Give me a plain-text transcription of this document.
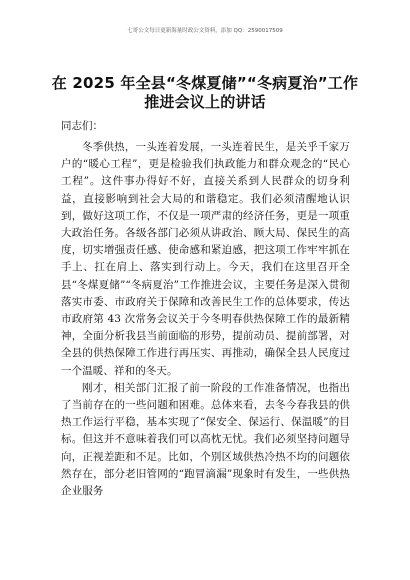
七哥公文每日更新海量时政公文资料，添加 QQ：2590017509
在 2025 年全县“冬煤夏储”“冬病夏治”工作
推进会议上的讲话
同志们：

冬季供热，一头连着发展，一头连着民生，是关乎千家万户的“暖心工程”，更是检验我们执政能力和群众观念的“民心工程”。这件事办得好不好，直接关系到人民群众的切身利益，直接影响到社会大局的和谐稳定。我们必须清醒地认识到，做好这项工作，不仅是一项严肃的经济任务，更是一项重大政治任务。各级各部门必须从讲政治、顾大局、保民生的高度，切实增强责任感、使命感和紧迫感，把这项工作牢牢抓在手上、扛在肩上、落实到行动上。今天，我们在这里召开全县“冬煤夏储”“冬病夏治”工作推进会议，主要任务是深入贯彻落实市委、市政府关于保障和改善民生工作的总体要求，传达市政府第 43 次常务会议关于今冬明春供热保障工作的最新精神，全面分析我县当前面临的形势，提前动员、提前部署，对全县的供热保障工作进行再压实、再推动，确保全县人民度过一个温暖、祥和的冬天。

刚才，相关部门汇报了前一阶段的工作准备情况，也指出了当前存在的一些问题和困难。总体来看，去冬今春我县的供热工作运行平稳，基本实现了“保安全、保运行、保温暖”的目标。但这并不意味着我们可以高枕无忧。我们必须坚持问题导向，正视差距和不足。比如，个别区域供热冷热不均的问题依然存在，部分老旧管网的“跑冒滴漏”现象时有发生，一些供热企业服务
